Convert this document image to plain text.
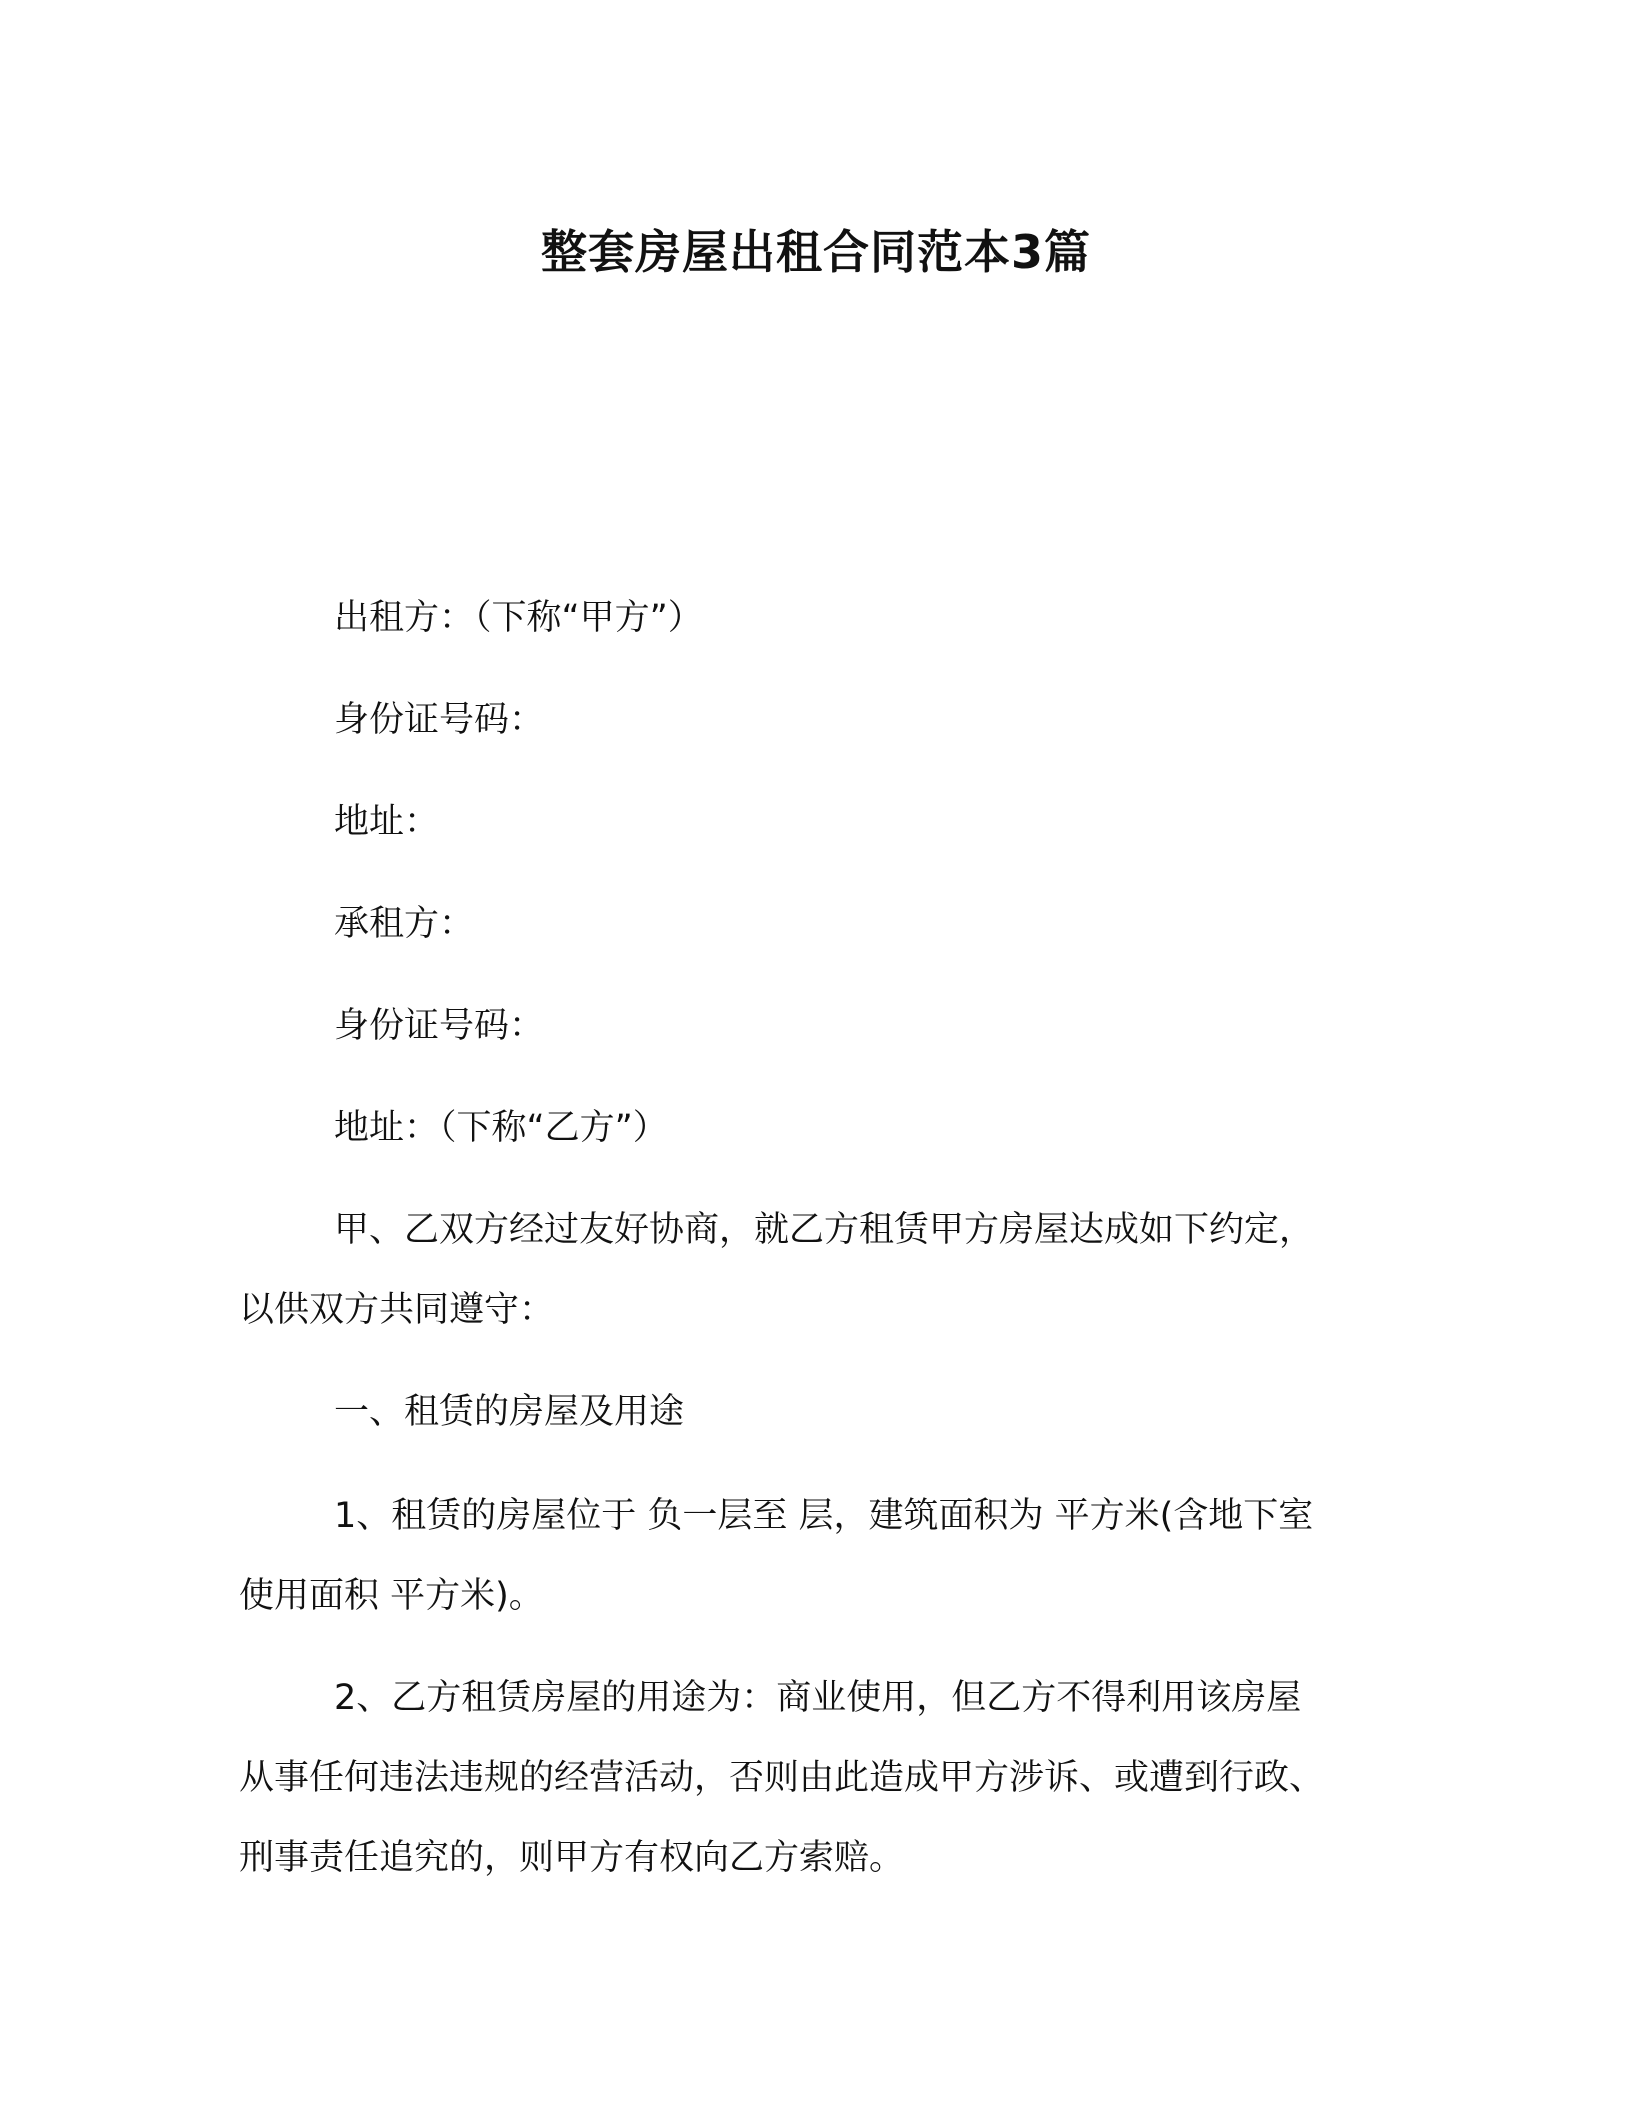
整套房屋出租合同范本3篇

出租方：（下称“甲方”）

身份证号码：

地址：

承租方：

身份证号码：

地址：（下称“乙方”）

甲、乙双方经过友好协商，就乙方租赁甲方房屋达成如下约定，

以供双方共同遵守：

一、租赁的房屋及用途

1、租赁的房屋位于 负一层至 层，建筑面积为 平方米(含地下室

使用面积 平方米)。

2、乙方租赁房屋的用途为：商业使用，但乙方不得利用该房屋

从事任何违法违规的经营活动，否则由此造成甲方涉诉、或遭到行政、

刑事责任追究的，则甲方有权向乙方索赔。
